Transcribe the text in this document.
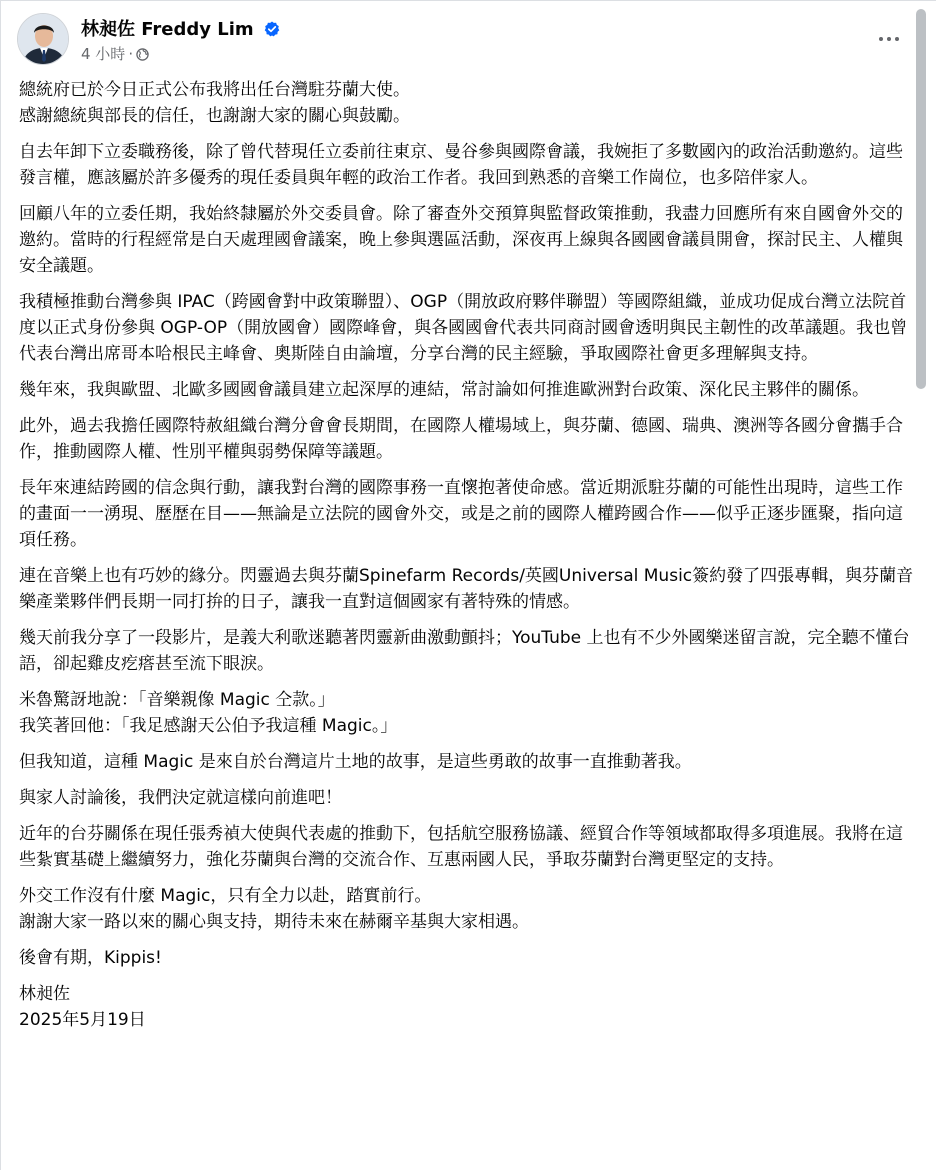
林昶佐 Freddy Lim
4 小時 ·
總統府已於今日正式公布我將出任台灣駐芬蘭大使。
感謝總統與部長的信任，也謝謝大家的關心與鼓勵。
自去年卸下立委職務後，除了曾代替現任立委前往東京、曼谷參與國際會議，我婉拒了多數國內的政治活動邀約。這些發言權，應該屬於許多優秀的現任委員與年輕的政治工作者。我回到熟悉的音樂工作崗位，也多陪伴家人。
回顧八年的立委任期，我始終隸屬於外交委員會。除了審查外交預算與監督政策推動，我盡力回應所有來自國會外交的邀約。當時的行程經常是白天處理國會議案，晚上參與選區活動，深夜再上線與各國國會議員開會，探討民主、人權與安全議題。
我積極推動台灣參與 IPAC（跨國會對中政策聯盟）、OGP（開放政府夥伴聯盟）等國際組織，並成功促成台灣立法院首度以正式身份參與 OGP-OP（開放國會）國際峰會，與各國國會代表共同商討國會透明與民主韌性的改革議題。我也曾代表台灣出席哥本哈根民主峰會、奧斯陸自由論壇，分享台灣的民主經驗，爭取國際社會更多理解與支持。
幾年來，我與歐盟、北歐多國國會議員建立起深厚的連結，常討論如何推進歐洲對台政策、深化民主夥伴的關係。
此外，過去我擔任國際特赦組織台灣分會會長期間，在國際人權場域上，與芬蘭、德國、瑞典、澳洲等各國分會攜手合作，推動國際人權、性別平權與弱勢保障等議題。
長年來連結跨國的信念與行動，讓我對台灣的國際事務一直懷抱著使命感。當近期派駐芬蘭的可能性出現時，這些工作的畫面一一湧現、歷歷在目——無論是立法院的國會外交，或是之前的國際人權跨國合作——似乎正逐步匯聚，指向這項任務。
連在音樂上也有巧妙的緣分。閃靈過去與芬蘭Spinefarm Records/英國Universal Music簽約發了四張專輯，與芬蘭音樂產業夥伴們長期一同打拚的日子，讓我一直對這個國家有著特殊的情感。
幾天前我分享了一段影片，是義大利歌迷聽著閃靈新曲激動顫抖；YouTube 上也有不少外國樂迷留言說，完全聽不懂台語，卻起雞皮疙瘩甚至流下眼淚。
米魯驚訝地說：「音樂親像 Magic 仝款。」
我笑著回他：「我足感謝天公伯予我這種 Magic。」
但我知道，這種 Magic 是來自於台灣這片土地的故事，是這些勇敢的故事一直推動著我。
與家人討論後，我們決定就這樣向前進吧！
近年的台芬關係在現任張秀禎大使與代表處的推動下，包括航空服務協議、經貿合作等領域都取得多項進展。我將在這些紮實基礎上繼續努力，強化芬蘭與台灣的交流合作、互惠兩國人民，爭取芬蘭對台灣更堅定的支持。
外交工作沒有什麼 Magic，只有全力以赴，踏實前行。
謝謝大家一路以來的關心與支持，期待未來在赫爾辛基與大家相遇。
後會有期，Kippis!
林昶佐
2025年5月19日
